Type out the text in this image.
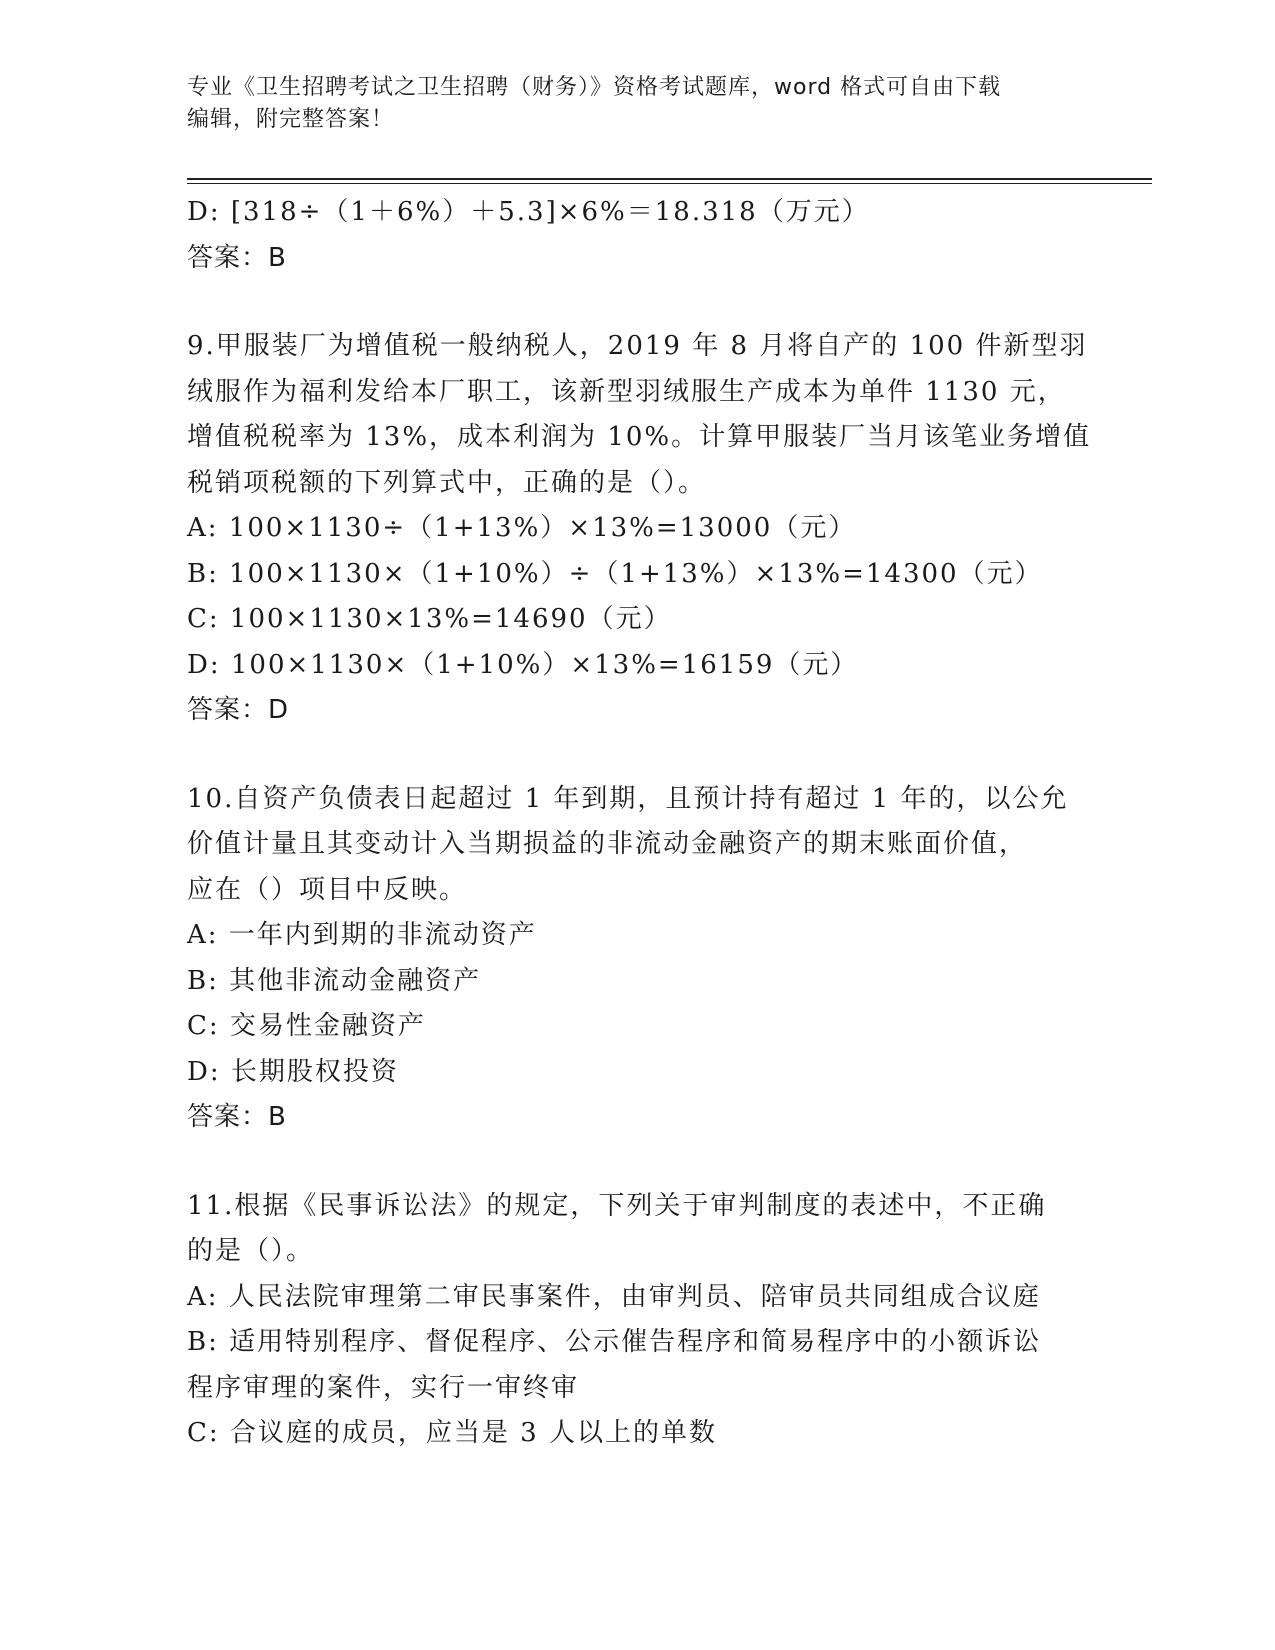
专业《卫生招聘考试之卫生招聘（财务）》资格考试题库，word 格式可自由下载
编辑，附完整答案！
D: [318÷（1＋6%）＋5.3]×6%＝18.318（万元）
答案：B
9.甲服装厂为增值税一般纳税人，2019 年 8 月将自产的 100 件新型羽
绒服作为福利发给本厂职工，该新型羽绒服生产成本为单件 1130 元，
增值税税率为 13%，成本利润为 10%。计算甲服装厂当月该笔业务增值
税销项税额的下列算式中，正确的是（）。
A: 100×1130÷（1+13%）×13%=13000（元）
B: 100×1130×（1+10%）÷（1+13%）×13%=14300（元）
C: 100×1130×13%=14690（元）
D: 100×1130×（1+10%）×13%=16159（元）
答案：D
10.自资产负债表日起超过 1 年到期，且预计持有超过 1 年的，以公允
价值计量且其变动计入当期损益的非流动金融资产的期末账面价值，
应在（）项目中反映。
A: 一年内到期的非流动资产
B: 其他非流动金融资产
C: 交易性金融资产
D: 长期股权投资
答案：B
11.根据《民事诉讼法》的规定，下列关于审判制度的表述中，不正确
的是（）。
A: 人民法院审理第二审民事案件，由审判员、陪审员共同组成合议庭
B: 适用特别程序、督促程序、公示催告程序和简易程序中的小额诉讼
程序审理的案件，实行一审终审
C: 合议庭的成员，应当是 3 人以上的单数
